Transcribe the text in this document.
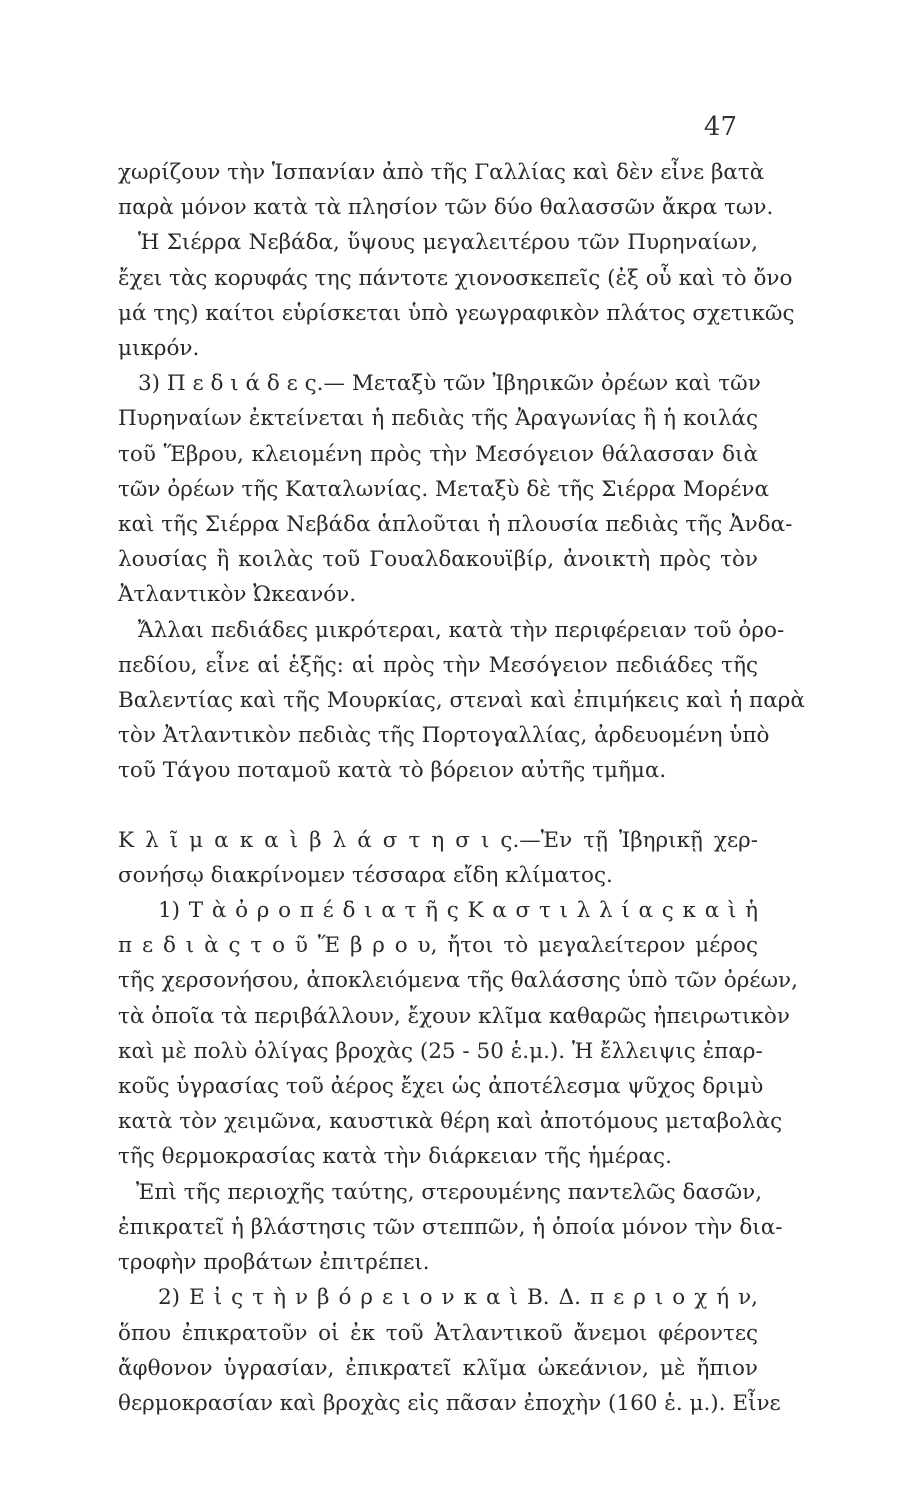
47
χωρίζουν τὴν Ἱσπανίαν ἀπὸ τῆς Γαλλίας καὶ δὲν εἶνε βατὰ
παρὰ μόνον κατὰ τὰ πλησίον τῶν δύο θαλασσῶν ἄκρα των.
Ἡ Σιέρρα Νεβάδα, ὕψους μεγαλειτέρου τῶν Πυρηναίων,
ἔχει τὰς κορυφάς της πάντοτε χιονοσκεπεῖς (ἐξ οὗ καὶ τὸ ὄνο
μά της) καίτοι εὑρίσκεται ὑπὸ γεωγραφικὸν πλάτος σχετικῶς
μικρόν.
3) Π ε δ ι ά δ ε ς.— Μεταξὺ τῶν Ἰβηρικῶν ὀρέων καὶ τῶν
Πυρηναίων ἐκτείνεται ἡ πεδιὰς τῆς Ἀραγωνίας ἢ ἡ κοιλάς
τοῦ Ἕβρου, κλειομένη πρὸς τὴν Μεσόγειον θάλασσαν διὰ
τῶν ὀρέων τῆς Καταλωνίας. Μεταξὺ δὲ τῆς Σιέρρα Μορένα
καὶ τῆς Σιέρρα Νεβάδα ἁπλοῦται ἡ πλουσία πεδιὰς τῆς Ἀνδα-
λουσίας ἢ κοιλὰς τοῦ Γουαλδακουϊβίρ, ἀνοικτὴ πρὸς τὸν
Ἀτλαντικὸν Ὠκεανόν.
Ἄλλαι πεδιάδες μικρότεραι, κατὰ τὴν περιφέρειαν τοῦ ὀρο-
πεδίου, εἶνε αἱ ἑξῆς: αἱ πρὸς τὴν Μεσόγειον πεδιάδες τῆς
Βαλεντίας καὶ τῆς Μουρκίας, στεναὶ καὶ ἐπιμήκεις καὶ ἡ παρὰ
τὸν Ἀτλαντικὸν πεδιὰς τῆς Πορτογαλλίας, ἀρδευομένη ὑπὸ
τοῦ Τάγου ποταμοῦ κατὰ τὸ βόρειον αὐτῆς τμῆμα.
Κ λ ῖ μ α κ α ὶ β λ ά σ τ η σ ι ς.—Ἐν τῇ Ἰβηρικῇ χερ-
σονήσῳ διακρίνομεν τέσσαρα εἴδη κλίματος.
1) Τ ὰ ὀ ρ ο π έ δ ι α τ ῆ ς Κ α σ τ ι λ λ ί α ς κ α ὶ ἡ
π ε δ ι ὰ ς τ ο ῦ Ἕ β ρ ο υ, ἤτοι τὸ μεγαλείτερον μέρος
τῆς χερσονήσου, ἀποκλειόμενα τῆς θαλάσσης ὑπὸ τῶν ὀρέων,
τὰ ὁποῖα τὰ περιβάλλουν, ἔχουν κλῖμα καθαρῶς ἠπειρωτικὸν
καὶ μὲ πολὺ ὀλίγας βροχὰς (25 - 50 ἑ.μ.). Ἡ ἔλλειψις ἐπαρ-
κοῦς ὑγρασίας τοῦ ἀέρος ἔχει ὡς ἀποτέλεσμα ψῦχος δριμὺ
κατὰ τὸν χειμῶνα, καυστικὰ θέρη καὶ ἀποτόμους μεταβολὰς
τῆς θερμοκρασίας κατὰ τὴν διάρκειαν τῆς ἡμέρας.
Ἐπὶ τῆς περιοχῆς ταύτης, στερουμένης παντελῶς δασῶν,
ἐπικρατεῖ ἡ βλάστησις τῶν στεππῶν, ἡ ὁποία μόνον τὴν δια-
τροφὴν προβάτων ἐπιτρέπει.
2) Ε ἰ ς τ ὴ ν β ό ρ ε ι ο ν κ α ὶ Β. Δ. π ε ρ ι ο χ ή ν,
ὅπου ἐπικρατοῦν οἱ ἐκ τοῦ Ἀτλαντικοῦ ἄνεμοι φέροντες
ἄφθονον ὑγρασίαν, ἐπικρατεῖ κλῖμα ὠκεάνιον, μὲ ἤπιον
θερμοκρασίαν καὶ βροχὰς εἰς πᾶσαν ἐποχὴν (160 ἑ. μ.). Εἶνε
